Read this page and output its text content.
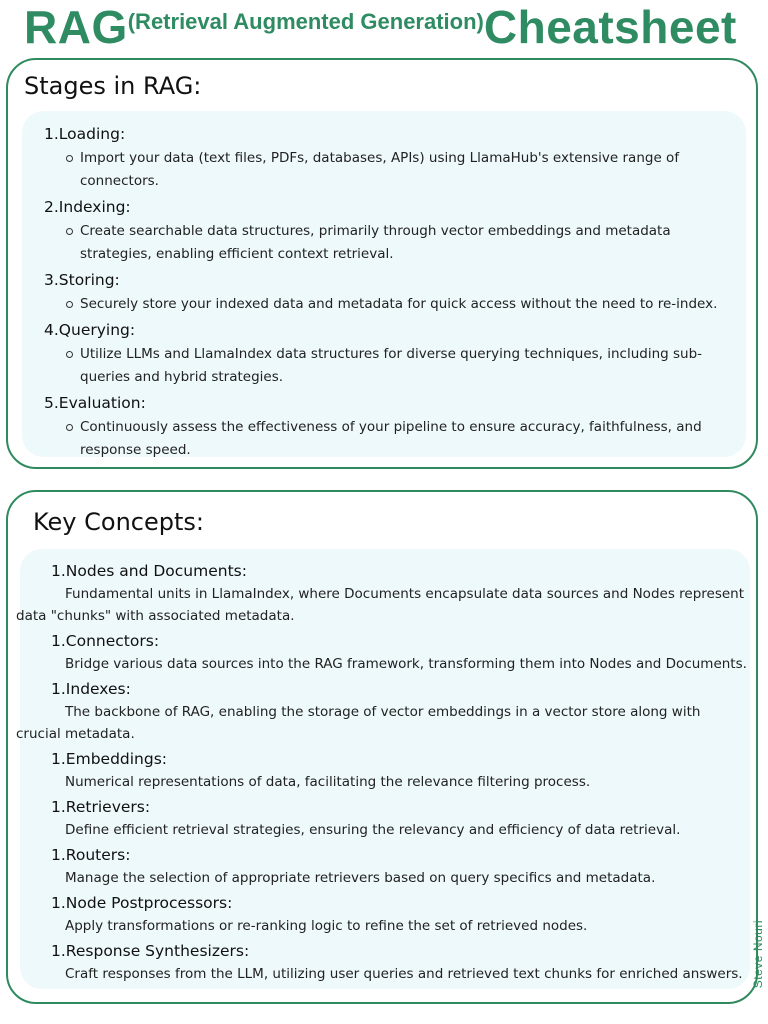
RAG(Retrieval Augmented Generation)Cheatsheet
Stages in RAG:
1.Loading:
Import your data (text files, PDFs, databases, APIs) using LlamaHub's extensive range of connectors.
2.Indexing:
Create searchable data structures, primarily through vector embeddings and metadata strategies, enabling efficient context retrieval.
3.Storing:
Securely store your indexed data and metadata for quick access without the need to re-index.
4.Querying:
Utilize LLMs and LlamaIndex data structures for diverse querying techniques, including sub-queries and hybrid strategies.
5.Evaluation:
Continuously assess the effectiveness of your pipeline to ensure accuracy, faithfulness, and response speed.
Key Concepts:
1.Nodes and Documents:
Fundamental units in LlamaIndex, where Documents encapsulate data sources and Nodes represent data "chunks" with associated metadata.
1.Connectors:
Bridge various data sources into the RAG framework, transforming them into Nodes and Documents.
1.Indexes:
The backbone of RAG, enabling the storage of vector embeddings in a vector store along with crucial metadata.
1.Embeddings:
Numerical representations of data, facilitating the relevance filtering process.
1.Retrievers:
Define efficient retrieval strategies, ensuring the relevancy and efficiency of data retrieval.
1.Routers:
Manage the selection of appropriate retrievers based on query specifics and metadata.
1.Node Postprocessors:
Apply transformations or re-ranking logic to refine the set of retrieved nodes.
1.Response Synthesizers:
Craft responses from the LLM, utilizing user queries and retrieved text chunks for enriched answers. Steve Nouri
